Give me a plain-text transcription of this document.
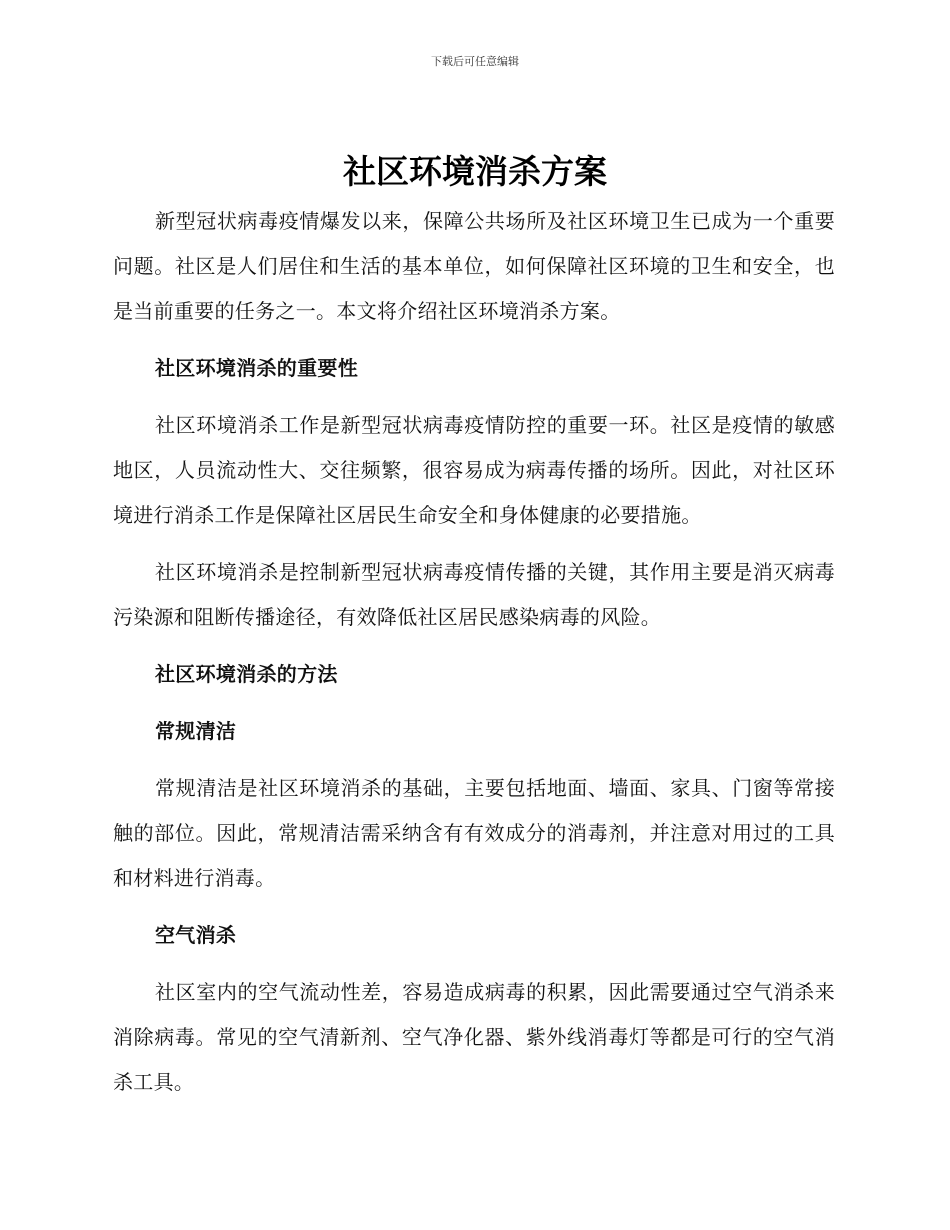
下载后可任意编辑
社区环境消杀方案

新型冠状病毒疫情爆发以来，保障公共场所及社区环境卫生已成为一个重要问题。社区是人们居住和生活的基本单位，如何保障社区环境的卫生和安全，也是当前重要的任务之一。本文将介绍社区环境消杀方案。

社区环境消杀的重要性

社区环境消杀工作是新型冠状病毒疫情防控的重要一环。社区是疫情的敏感地区，人员流动性大、交往频繁，很容易成为病毒传播的场所。因此，对社区环境进行消杀工作是保障社区居民生命安全和身体健康的必要措施。

社区环境消杀是控制新型冠状病毒疫情传播的关键，其作用主要是消灭病毒污染源和阻断传播途径，有效降低社区居民感染病毒的风险。

社区环境消杀的方法
常规清洁

常规清洁是社区环境消杀的基础，主要包括地面、墙面、家具、门窗等常接触的部位。因此，常规清洁需采纳含有有效成分的消毒剂，并注意对用过的工具和材料进行消毒。

空气消杀

社区室内的空气流动性差，容易造成病毒的积累，因此需要通过空气消杀来消除病毒。常见的空气清新剂、空气净化器、紫外线消毒灯等都是可行的空气消杀工具。
